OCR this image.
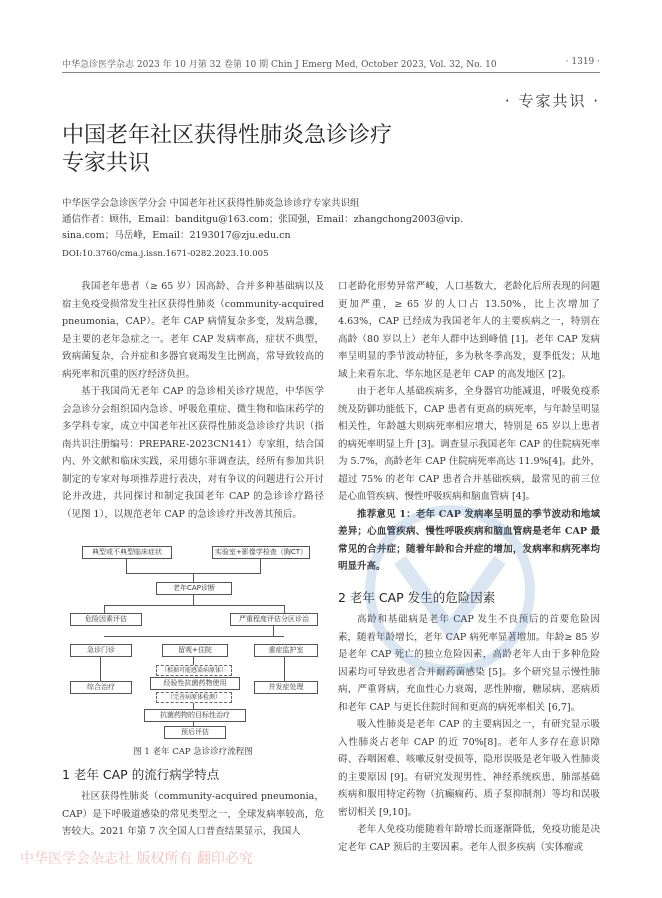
中华急诊医学杂志 2023 年 10 月第 32 卷第 10 期 Chin J Emerg Med, October 2023, Vol. 32, No. 10	· 1319 ·
· 专家共识 ·
中国老年社区获得性肺炎急诊诊疗
专家共识
中华医学会急诊医学分会 中国老年社区获得性肺炎急诊诊疗专家共识组
通信作者：顾伟，Email：banditgu@163.com；张国强，Email：zhangchong2003@vip.
sina.com；马岳峰，Email：2193017@zju.edu.cn
DOI:10.3760/cma.j.issn.1671-0282.2023.10.005

我国老年患者（≥ 65 岁）因高龄、合并多种基础病以及宿主免疫受损常发生社区获得性肺炎（community-acquired pneumonia，CAP）。老年 CAP 病情复杂多变，发病急骤，是主要的老年急症之一。老年 CAP 发病率高，症状不典型，致病菌复杂，合并症和多器官衰竭发生比例高，常导致较高的病死率和沉重的医疗经济负担。

基于我国尚无老年 CAP 的急诊相关诊疗规范，中华医学会急诊分会组织国内急诊、呼吸危重症、微生物和临床药学的多学科专家，成立中国老年社区获得性肺炎急诊诊疗共识（指南共识注册编号：PREPARE-2023CN141）专家组，结合国内、外文献和临床实践，采用德尔菲调查法，经所有参加共识制定的专家对每项推荐进行表决，对有争议的问题进行公开讨论并改进，共同探讨和制定我国老年 CAP 的急诊诊疗路径（见图 1），以规范老年 CAP 的急诊诊疗并改善其预后。

典型或不典型临床症状	实验室+影像学检查（胸CT）
老年CAP诊断
危险因素评估	严重程度评估分区诊治
急诊门诊	留观+住院	重症监护室
（根据可能感染病原体）
综合治疗	经验性抗菌药物使用	并发症处理
（完善病原体检测）
抗菌药物的目标性治疗
预后评估
图 1 老年 CAP 急诊诊疗流程图
1 老年 CAP 的流行病学特点

社区获得性肺炎（community-acquired pneumonia，CAP）是下呼吸道感染的常见类型之一，全球发病率较高，危害较大。2021 年第 7 次全国人口普查结果显示，我国人

口老龄化形势异常严峻，人口基数大，老龄化后所表现的问题更加严重，≥ 65 岁的人口占 13.50%，比上次增加了 4.63%，CAP 已经成为我国老年人的主要疾病之一，特别在高龄（80 岁以上）老年人群中达到峰值 [1]。老年 CAP 发病率呈明显的季节波动特征，多为秋冬季高发，夏季低发；从地域上来看东北、华东地区是老年 CAP 的高发地区 [2]。

由于老年人基础疾病多，全身器官功能减退，呼吸免疫系统及防御功能低下，CAP 患者有更高的病死率，与年龄呈明显相关性，年龄越大则病死率相应增大，特别是 65 岁以上患者的病死率明显上升 [3]。调查显示我国老年 CAP 的住院病死率为 5.7%，高龄老年 CAP 住院病死率高达 11.9%[4]。此外，超过 75% 的老年 CAP 患者合并基础疾病，最常见的前三位是心血管疾病、慢性呼吸疾病和脑血管病 [4]。

推荐意见 1：老年 CAP 发病率呈明显的季节波动和地域差异；心血管疾病、慢性呼吸疾病和脑血管病是老年 CAP 最常见的合并症；随着年龄和合并症的增加，发病率和病死率均明显升高。

2 老年 CAP 发生的危险因素

高龄和基础病是老年 CAP 发生不良预后的首要危险因素，随着年龄增长，老年 CAP 病死率显著增加。年龄≥ 85 岁是老年 CAP 死亡的独立危险因素，高龄老年人由于多种危险因素均可导致患者合并耐药菌感染 [5]。多个研究显示慢性肺病，严重肾病，充血性心力衰竭，恶性肿瘤，糖尿病、恶病质和老年 CAP 与更长住院时间和更高的病死率相关 [6,7]。

吸入性肺炎是老年 CAP 的主要病因之一，有研究显示吸入性肺炎占老年 CAP 的近 70%[8]。老年人多存在意识障碍、吞咽困难、咳嗽反射受损等，隐形误吸是老年吸入性肺炎的主要原因 [9]。有研究发现男性、神经系统疾患、肺部基础疾病和服用特定药物（抗癫痫药、质子泵抑制剂）等均和误吸密切相关 [9,10]。

老年人免疫功能随着年龄增长而逐渐降低，免疫功能是决定老年 CAP 预后的主要因素。老年人很多疾病（实体瘤或

中华医学会杂志社 版权所有 翻印必究
